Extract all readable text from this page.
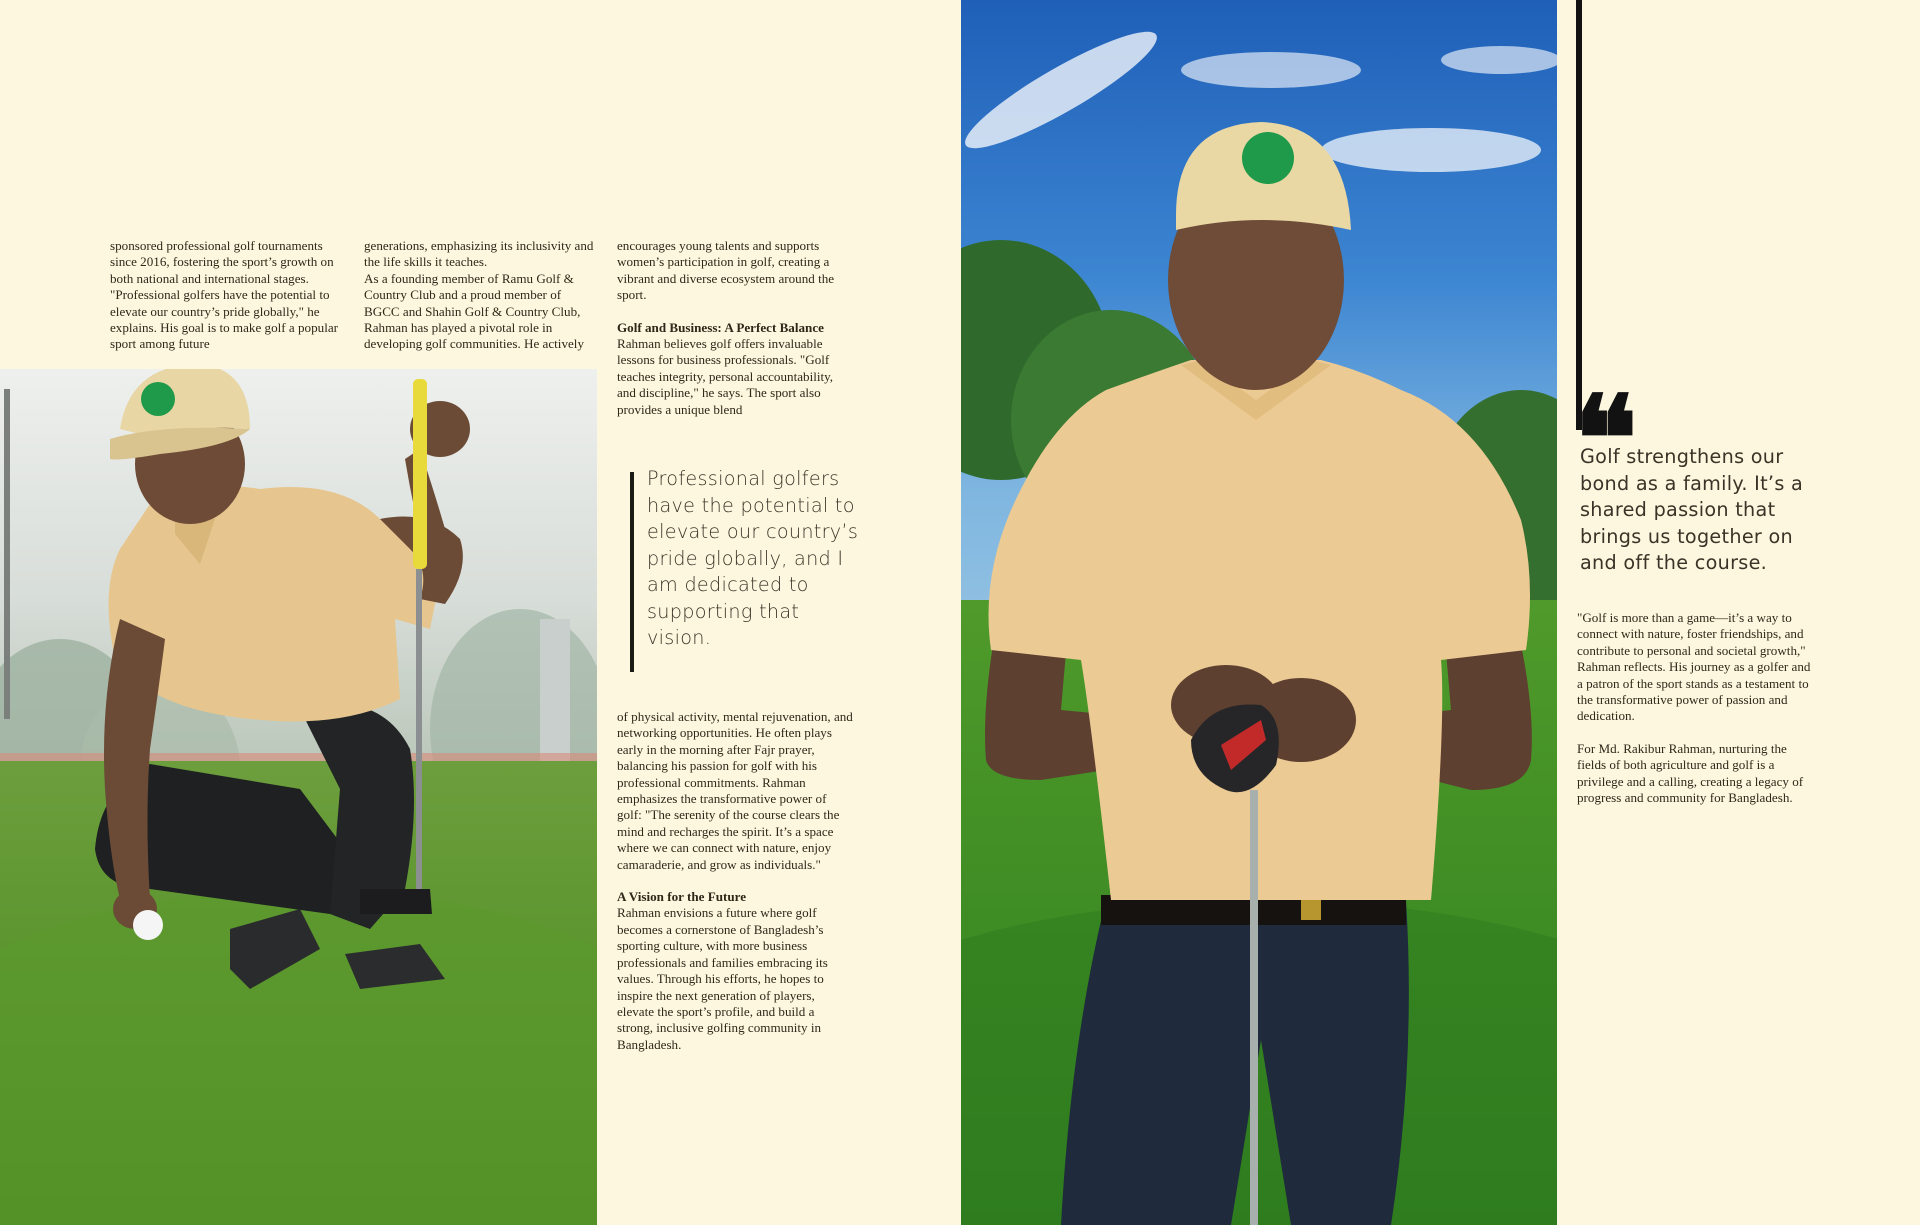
sponsored professional golf tournaments since 2016, fostering the sport’s growth on both national and international stages. "Professional golfers have the potential to elevate our country’s pride globally," he explains. His goal is to make golf a popular sport among future

generations, emphasizing its inclusivity and the life skills it teaches.

As a founding member of Ramu Golf & Country Club and a proud member of BGCC and Shahin Golf & Country Club, Rahman has played a pivotal role in developing golf communities. He actively

encourages young talents and supports women’s participation in golf, creating a vibrant and diverse ecosystem around the sport.

Golf and Business: A Perfect Balance

Rahman believes golf offers invaluable lessons for business professionals. "Golf teaches integrity, personal accountability, and discipline," he says. The sport also provides a unique blend

Professional golfers have the potential to elevate our country’s pride globally, and I am dedicated to supporting that vision.

of physical activity, mental rejuvenation, and networking opportunities. He often plays early in the morning after Fajr prayer, balancing his passion for golf with his professional commitments. Rahman emphasizes the transformative power of golf: "The serenity of the course clears the mind and recharges the spirit. It’s a space where we can connect with nature, enjoy camaraderie, and grow as individuals."

A Vision for the Future

Rahman envisions a future where golf becomes a cornerstone of Bangladesh’s sporting culture, with more business professionals and families embracing its values. Through his efforts, he hopes to inspire the next generation of players, elevate the sport’s profile, and build a strong, inclusive golfing community in Bangladesh.

❝
Golf strengthens our bond as a family. It’s a shared passion that brings us together on and off the course.

"Golf is more than a game—it’s a way to connect with nature, foster friendships, and contribute to personal and societal growth," Rahman reflects. His journey as a golfer and a patron of the sport stands as a testament to the transformative power of passion and dedication.

For Md. Rakibur Rahman, nurturing the fields of both agriculture and golf is a privilege and a calling, creating a legacy of progress and community for Bangladesh.
